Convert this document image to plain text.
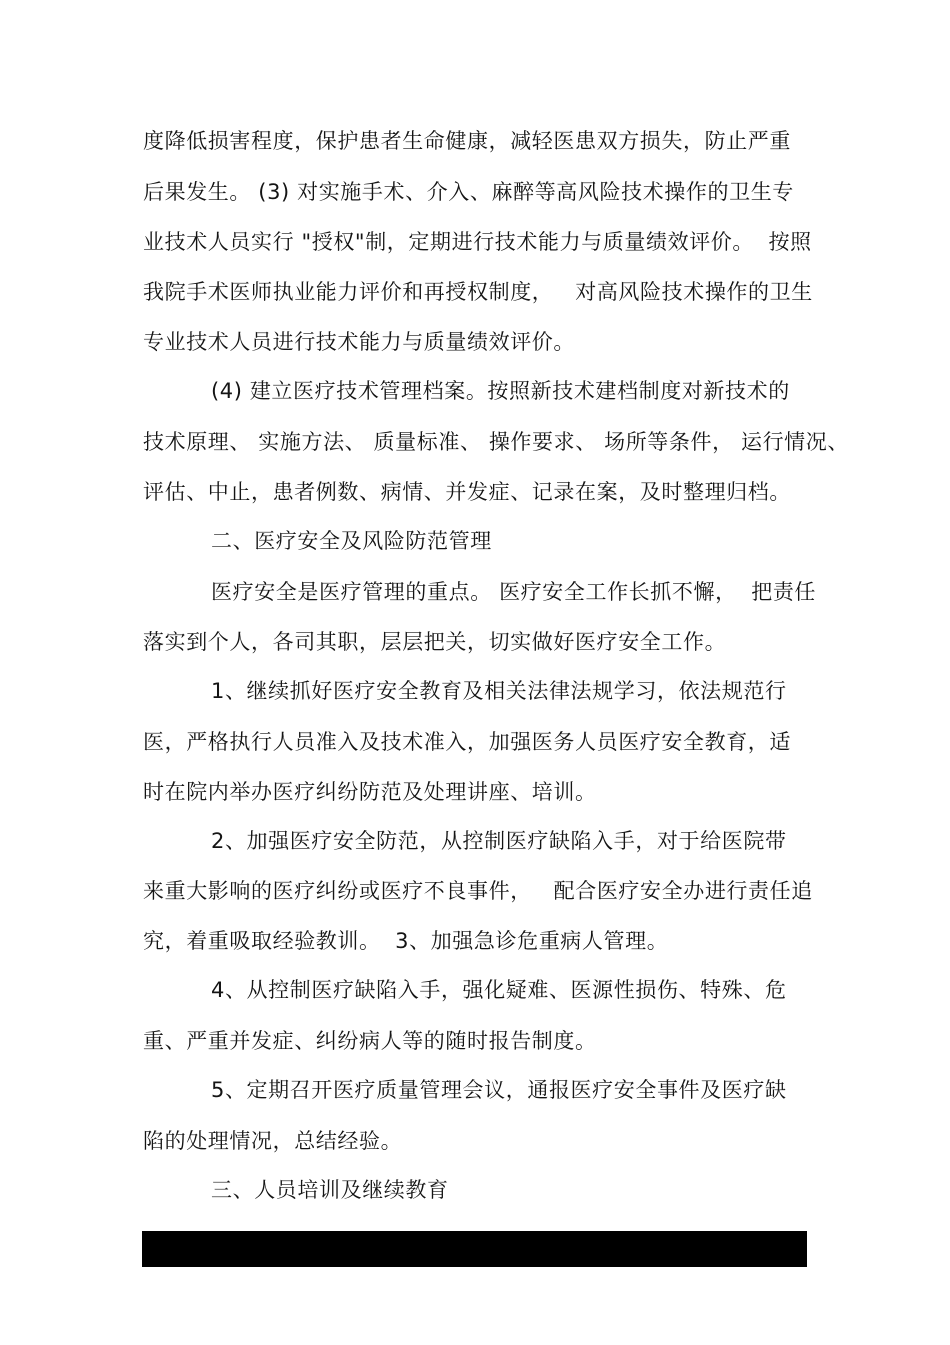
度降低损害程度，保护患者生命健康，减轻医患双方损失，防止严重
后果发生。 (3) 对实施手术、介入、麻醉等高风险技术操作的卫生专
业技术人员实行 "授权"制，定期进行技术能力与质量绩效评价。  按照
我院手术医师执业能力评价和再授权制度，   对高风险技术操作的卫生
专业技术人员进行技术能力与质量绩效评价。
(4) 建立医疗技术管理档案。按照新技术建档制度对新技术的
技术原理、 实施方法、 质量标准、 操作要求、 场所等条件， 运行情况、
评估、中止，患者例数、病情、并发症、记录在案，及时整理归档。
二、医疗安全及风险防范管理
医疗安全是医疗管理的重点。 医疗安全工作长抓不懈，  把责任
落实到个人，各司其职，层层把关，切实做好医疗安全工作。
1、继续抓好医疗安全教育及相关法律法规学习，依法规范行
医，严格执行人员准入及技术准入，加强医务人员医疗安全教育，适
时在院内举办医疗纠纷防范及处理讲座、培训。
2、加强医疗安全防范，从控制医疗缺陷入手，对于给医院带
来重大影响的医疗纠纷或医疗不良事件，   配合医疗安全办进行责任追
究，着重吸取经验教训。  3、加强急诊危重病人管理。
4、从控制医疗缺陷入手，强化疑难、医源性损伤、特殊、危
重、严重并发症、纠纷病人等的随时报告制度。
5、定期召开医疗质量管理会议，通报医疗安全事件及医疗缺
陷的处理情况，总结经验。
三、人员培训及继续教育
